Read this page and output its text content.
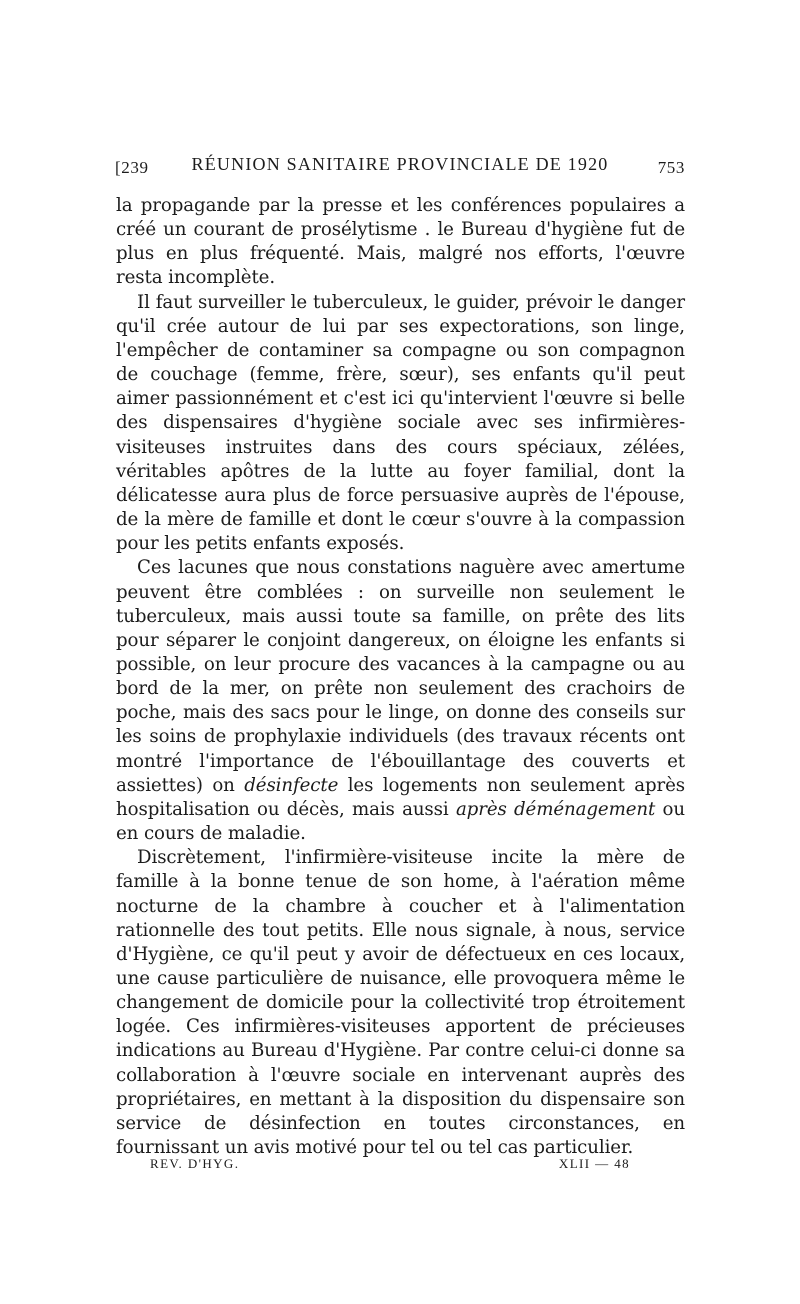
[239	RÉUNION SANITAIRE PROVINCIALE DE 1920	753

la propagande par la presse et les conférences populaires a créé un courant de prosélytisme . le Bureau d'hygiène fut de plus en plus fréquenté. Mais, malgré nos efforts, l'œuvre resta incomplète.

Il faut surveiller le tuberculeux, le guider, prévoir le danger qu'il crée autour de lui par ses expectorations, son linge, l'empêcher de contaminer sa compagne ou son compagnon de couchage (femme, frère, sœur), ses enfants qu'il peut aimer passionnément et c'est ici qu'intervient l'œuvre si belle des dispensaires d'hygiène sociale avec ses infirmières-visiteuses instruites dans des cours spéciaux, zélées, véritables apôtres de la lutte au foyer familial, dont la délicatesse aura plus de force persuasive auprès de l'épouse, de la mère de famille et dont le cœur s'ouvre à la compassion pour les petits enfants exposés.

Ces lacunes que nous constations naguère avec amertume peuvent être comblées : on surveille non seulement le tuberculeux, mais aussi toute sa famille, on prête des lits pour séparer le conjoint dangereux, on éloigne les enfants si possible, on leur procure des vacances à la campagne ou au bord de la mer, on prête non seulement des crachoirs de poche, mais des sacs pour le linge, on donne des conseils sur les soins de prophylaxie individuels (des travaux récents ont montré l'importance de l'ébouillantage des couverts et assiettes) on désinfecte les logements non seulement après hospitalisation ou décès, mais aussi après déménagement ou en cours de maladie.

Discrètement, l'infirmière-visiteuse incite la mère de famille à la bonne tenue de son home, à l'aération même nocturne de la chambre à coucher et à l'alimentation rationnelle des tout petits. Elle nous signale, à nous, service d'Hygiène, ce qu'il peut y avoir de défectueux en ces locaux, une cause particulière de nuisance, elle provoquera même le changement de domicile pour la collectivité trop étroitement logée. Ces infirmières-visiteuses apportent de précieuses indications au Bureau d'Hygiène. Par contre celui-ci donne sa collaboration à l'œuvre sociale en intervenant auprès des propriétaires, en mettant à la disposition du dispensaire son service de désinfection en toutes circonstances, en fournissant un avis motivé pour tel ou tel cas particulier.

REV. D'HYG.	XLII — 48
